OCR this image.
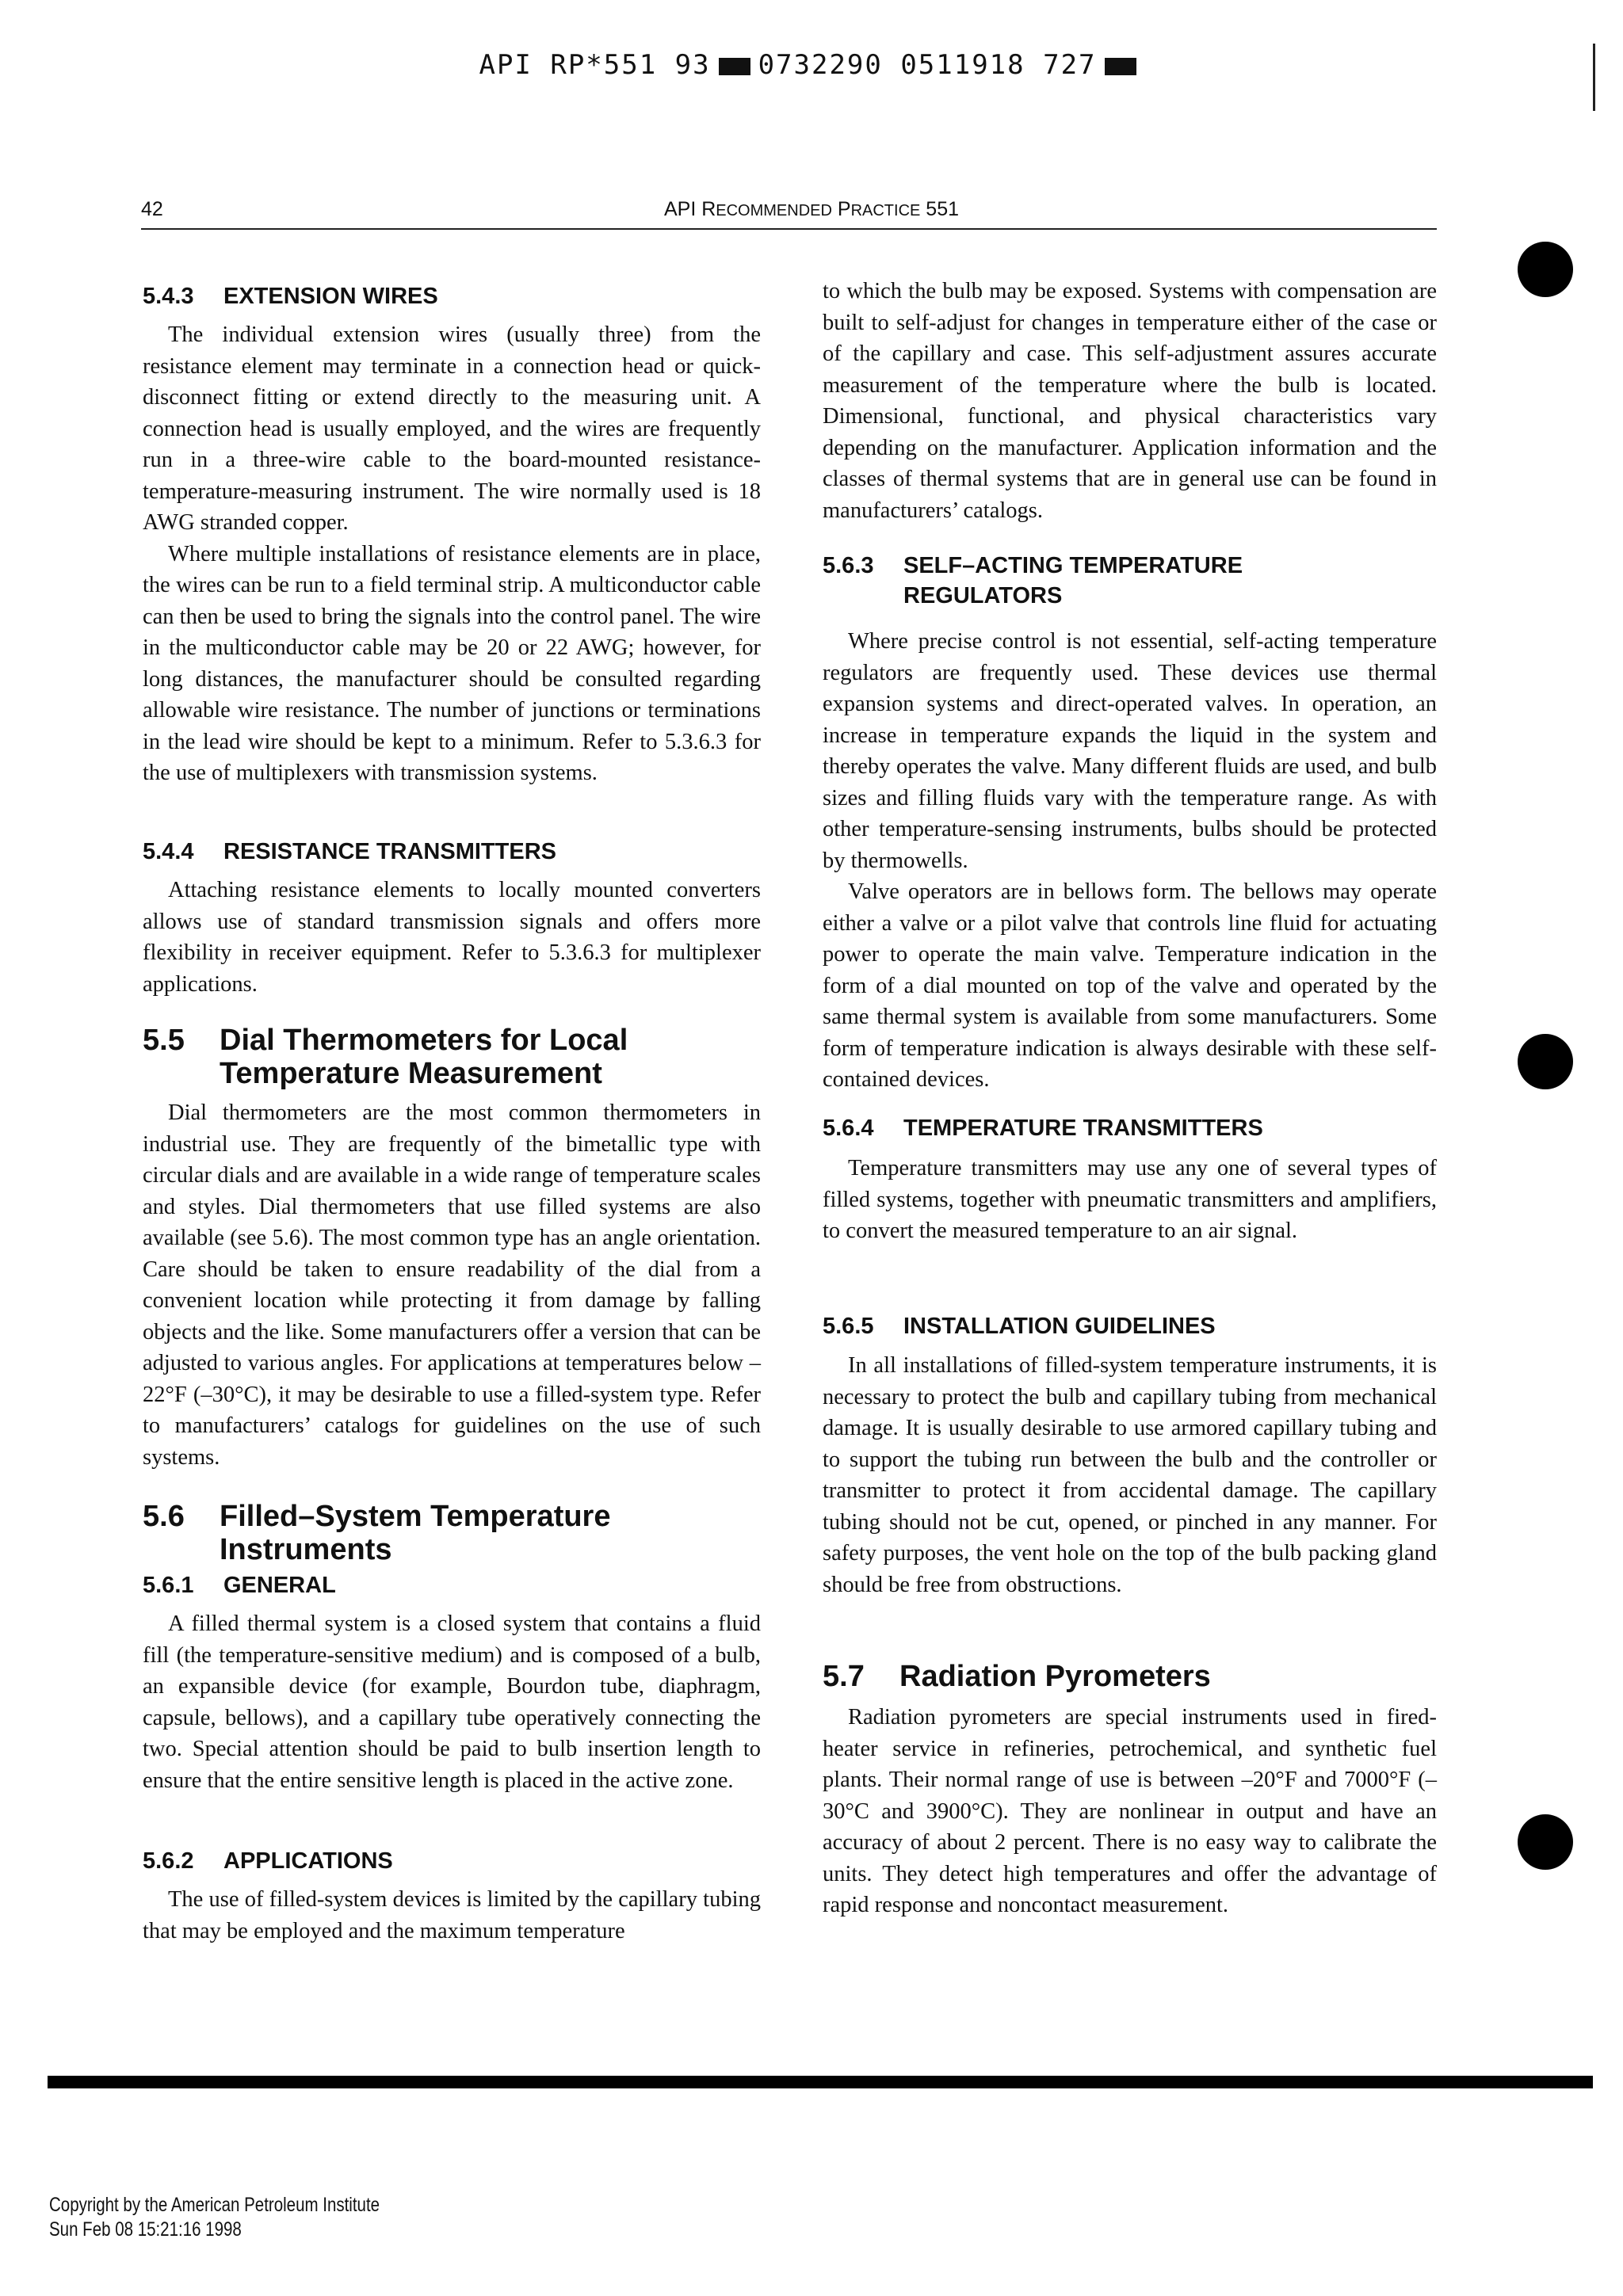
API RP*551 93 0732290 0511918 727
42	API RECOMMENDED PRACTICE 551
5.4.3 EXTENSION WIRES

The individual extension wires (usually three) from the resistance element may terminate in a connection head or quick-disconnect fitting or extend directly to the measuring unit. A connection head is usually employed, and the wires are frequently run in a three-wire cable to the board-mounted resistance-temperature-measuring instrument. The wire normally used is 18 AWG stranded copper.

Where multiple installations of resistance elements are in place, the wires can be run to a field terminal strip. A multiconductor cable can then be used to bring the signals into the control panel. The wire in the multiconductor cable may be 20 or 22 AWG; however, for long distances, the manufacturer should be consulted regarding allowable wire resistance. The number of junctions or terminations in the lead wire should be kept to a minimum. Refer to 5.3.6.3 for the use of multiplexers with transmission systems.

5.4.4 RESISTANCE TRANSMITTERS

Attaching resistance elements to locally mounted converters allows use of standard transmission signals and offers more flexibility in receiver equipment. Refer to 5.3.6.3 for multiplexer applications.

5.5 Dial Thermometers for Local
Temperature Measurement

Dial thermometers are the most common thermometers in industrial use. They are frequently of the bimetallic type with circular dials and are available in a wide range of temperature scales and styles. Dial thermometers that use filled systems are also available (see 5.6). The most common type has an angle orientation. Care should be taken to ensure readability of the dial from a convenient location while protecting it from damage by falling objects and the like. Some manufacturers offer a version that can be adjusted to various angles. For applications at temperatures below –22°F (–30°C), it may be desirable to use a filled-system type. Refer to manufacturers’ catalogs for guidelines on the use of such systems.

5.6 Filled–System Temperature
Instruments
5.6.1 GENERAL

A filled thermal system is a closed system that contains a fluid fill (the temperature-sensitive medium) and is composed of a bulb, an expansible device (for example, Bourdon tube, diaphragm, capsule, bellows), and a capillary tube operatively connecting the two. Special attention should be paid to bulb insertion length to ensure that the entire sensitive length is placed in the active zone.

5.6.2 APPLICATIONS

The use of filled-system devices is limited by the capillary tubing that may be employed and the maximum temperature

to which the bulb may be exposed. Systems with compensation are built to self-adjust for changes in temperature either of the case or of the capillary and case. This self-adjustment assures accurate measurement of the temperature where the bulb is located. Dimensional, functional, and physical characteristics vary depending on the manufacturer. Application information and the classes of thermal systems that are in general use can be found in manufacturers’ catalogs.

5.6.3 SELF–ACTING TEMPERATURE
REGULATORS

Where precise control is not essential, self-acting temperature regulators are frequently used. These devices use thermal expansion systems and direct-operated valves. In operation, an increase in temperature expands the liquid in the system and thereby operates the valve. Many different fluids are used, and bulb sizes and filling fluids vary with the temperature range. As with other temperature-sensing instruments, bulbs should be protected by thermowells.

Valve operators are in bellows form. The bellows may operate either a valve or a pilot valve that controls line fluid for actuating power to operate the main valve. Temperature indication in the form of a dial mounted on top of the valve and operated by the same thermal system is available from some manufacturers. Some form of temperature indication is always desirable with these self-contained devices.

5.6.4 TEMPERATURE TRANSMITTERS

Temperature transmitters may use any one of several types of filled systems, together with pneumatic transmitters and amplifiers, to convert the measured temperature to an air signal.

5.6.5 INSTALLATION GUIDELINES

In all installations of filled-system temperature instruments, it is necessary to protect the bulb and capillary tubing from mechanical damage. It is usually desirable to use armored capillary tubing and to support the tubing run between the bulb and the controller or transmitter to protect it from accidental damage. The capillary tubing should not be cut, opened, or pinched in any manner. For safety purposes, the vent hole on the top of the bulb packing gland should be free from obstructions.

5.7 Radiation Pyrometers

Radiation pyrometers are special instruments used in fired-heater service in refineries, petrochemical, and synthetic fuel plants. Their normal range of use is between –20°F and 7000°F (–30°C and 3900°C). They are nonlinear in output and have an accuracy of about 2 percent. There is no easy way to calibrate the units. They detect high temperatures and offer the advantage of rapid response and noncontact measurement.

Copyright by the American Petroleum Institute
Sun Feb 08 15:21:16 1998
